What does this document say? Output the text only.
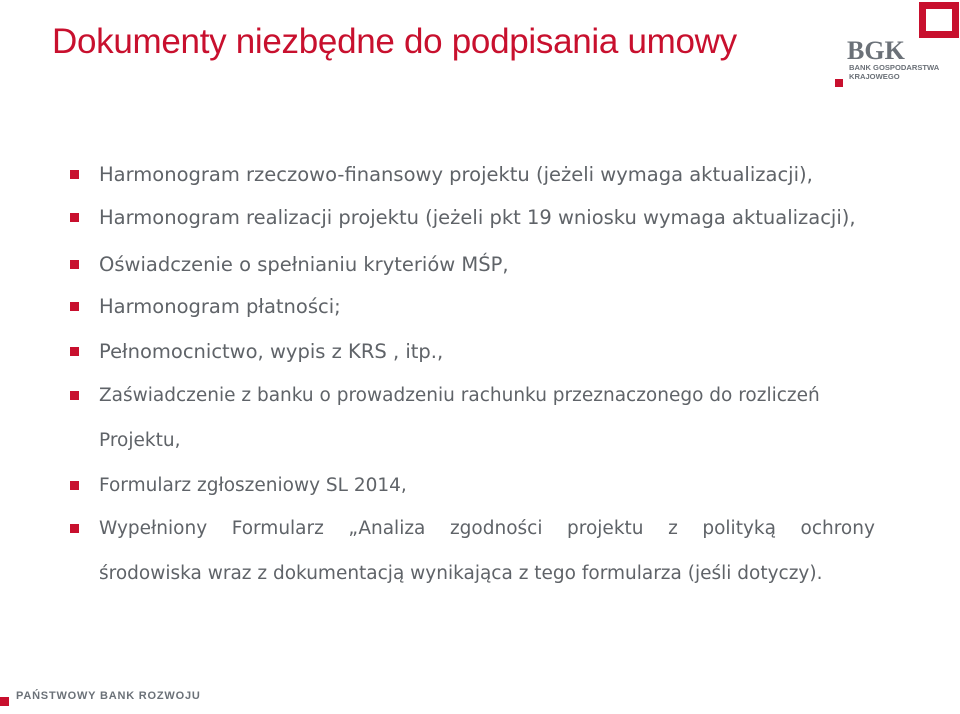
Dokumenty niezbędne do podpisania umowy	BGK
BANK GOSPODARSTWA
KRAJOWEGO
Harmonogram rzeczowo-finansowy projektu (jeżeli wymaga aktualizacji),
Harmonogram realizacji projektu (jeżeli pkt 19 wniosku wymaga aktualizacji),
Oświadczenie o spełnianiu kryteriów MŚP,
Harmonogram płatności;
Pełnomocnictwo, wypis z KRS , itp.,
Zaświadczenie z banku o prowadzeniu rachunku przeznaczonego do rozliczeń
Projektu,
Formularz zgłoszeniowy SL 2014,
Wypełniony Formularz „Analiza zgodności projektu z polityką ochrony
środowiska wraz z dokumentacją wynikająca z tego formularza (jeśli dotyczy).
PAŃSTWOWY BANK ROZWOJU
